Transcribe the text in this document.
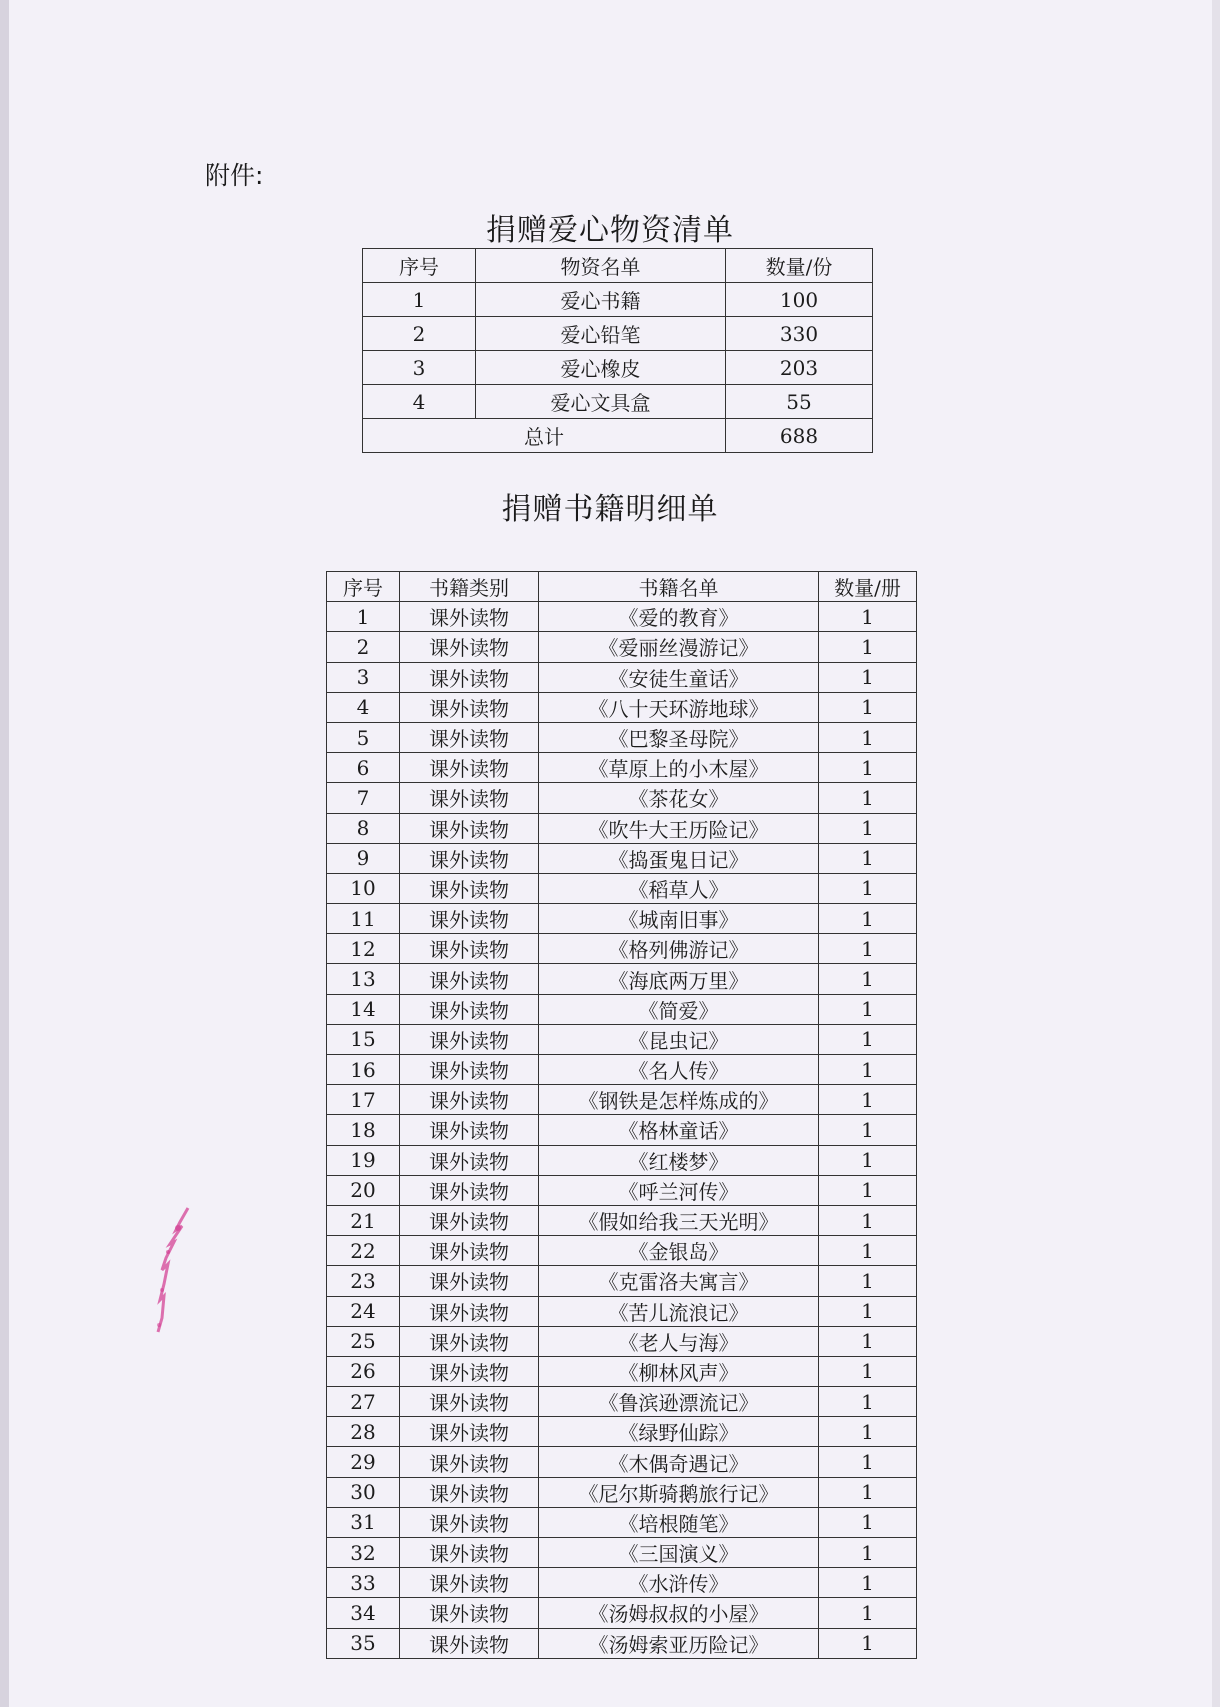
附件:
捐赠爱心物资清单
序号	物资名单	数量/份
1	爱心书籍	100
2	爱心铅笔	330
3	爱心橡皮	203
4	爱心文具盒	55
总计		688
捐赠书籍明细单
序号	书籍类别	书籍名单	数量/册
1	课外读物	《爱的教育》	1
2	课外读物	《爱丽丝漫游记》	1
3	课外读物	《安徒生童话》	1
4	课外读物	《八十天环游地球》	1
5	课外读物	《巴黎圣母院》	1
6	课外读物	《草原上的小木屋》	1
7	课外读物	《茶花女》	1
8	课外读物	《吹牛大王历险记》	1
9	课外读物	《捣蛋鬼日记》	1
10	课外读物	《稻草人》	1
11	课外读物	《城南旧事》	1
12	课外读物	《格列佛游记》	1
13	课外读物	《海底两万里》	1
14	课外读物	《简爱》	1
15	课外读物	《昆虫记》	1
16	课外读物	《名人传》	1
17	课外读物	《钢铁是怎样炼成的》	1
18	课外读物	《格林童话》	1
19	课外读物	《红楼梦》	1
20	课外读物	《呼兰河传》	1
21	课外读物	《假如给我三天光明》	1
22	课外读物	《金银岛》	1
23	课外读物	《克雷洛夫寓言》	1
24	课外读物	《苦儿流浪记》	1
25	课外读物	《老人与海》	1
26	课外读物	《柳林风声》	1
27	课外读物	《鲁滨逊漂流记》	1
28	课外读物	《绿野仙踪》	1
29	课外读物	《木偶奇遇记》	1
30	课外读物	《尼尔斯骑鹅旅行记》	1
31	课外读物	《培根随笔》	1
32	课外读物	《三国演义》	1
33	课外读物	《水浒传》	1
34	课外读物	《汤姆叔叔的小屋》	1
35	课外读物	《汤姆索亚历险记》	1
